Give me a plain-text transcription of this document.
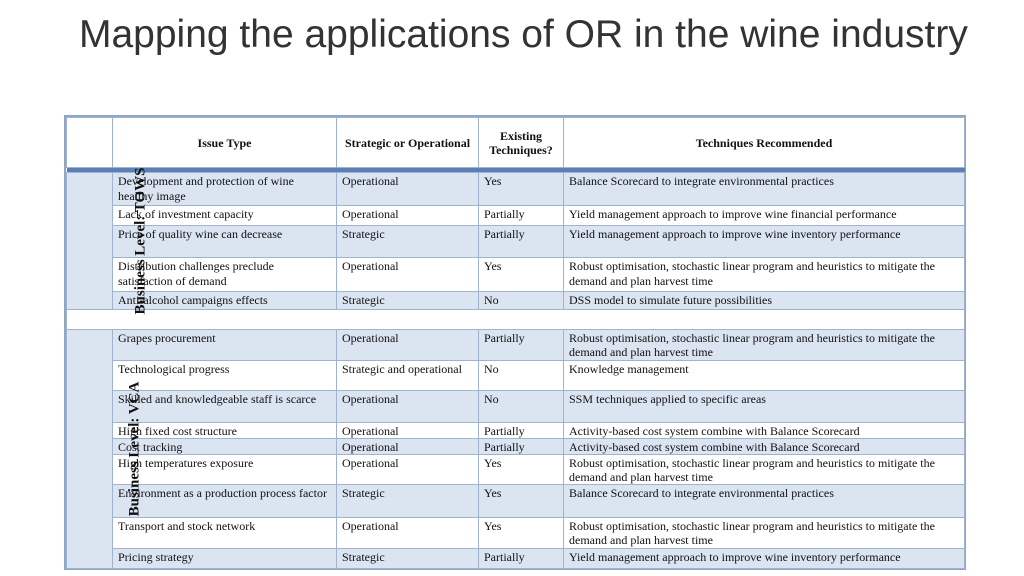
Mapping the applications of OR in the wine industry
	Issue Type	Strategic or Operational	Existing Techniques?	Techniques Recommended

Business Level: TOWS	Development and protection of wine healthy image	Operational	Yes	Balance Scorecard to integrate environmental practices
	Lack of investment capacity	Operational	Partially	Yield management approach to improve wine financial performance
	Price of quality wine can decrease	Strategic	Partially	Yield management approach to improve wine inventory performance
	Distribution challenges preclude satisfaction of demand	Operational	Yes	Robust optimisation, stochastic linear program and heuristics to mitigate the demand and plan harvest time
	Anti-alcohol campaigns effects	Strategic	No	DSS model to simulate future possibilities

Business Level: VCA	Grapes procurement	Operational	Partially	Robust optimisation, stochastic linear program and heuristics to mitigate the demand and plan harvest time
	Technological progress	Strategic and operational	No	Knowledge management
	Skilled and knowledgeable staff is scarce	Operational	No	SSM techniques applied to specific areas
	High fixed cost structure	Operational	Partially	Activity-based cost system combine with Balance Scorecard
	Cost tracking	Operational	Partially	Activity-based cost system combine with Balance Scorecard
	High temperatures exposure	Operational	Yes	Robust optimisation, stochastic linear program and heuristics to mitigate the demand and plan harvest time
	Environment as a production process factor	Strategic	Yes	Balance Scorecard to integrate environmental practices
	Transport and stock network	Operational	Yes	Robust optimisation, stochastic linear program and heuristics to mitigate the demand and plan harvest time
	Pricing strategy	Strategic	Partially	Yield management approach to improve wine inventory performance
